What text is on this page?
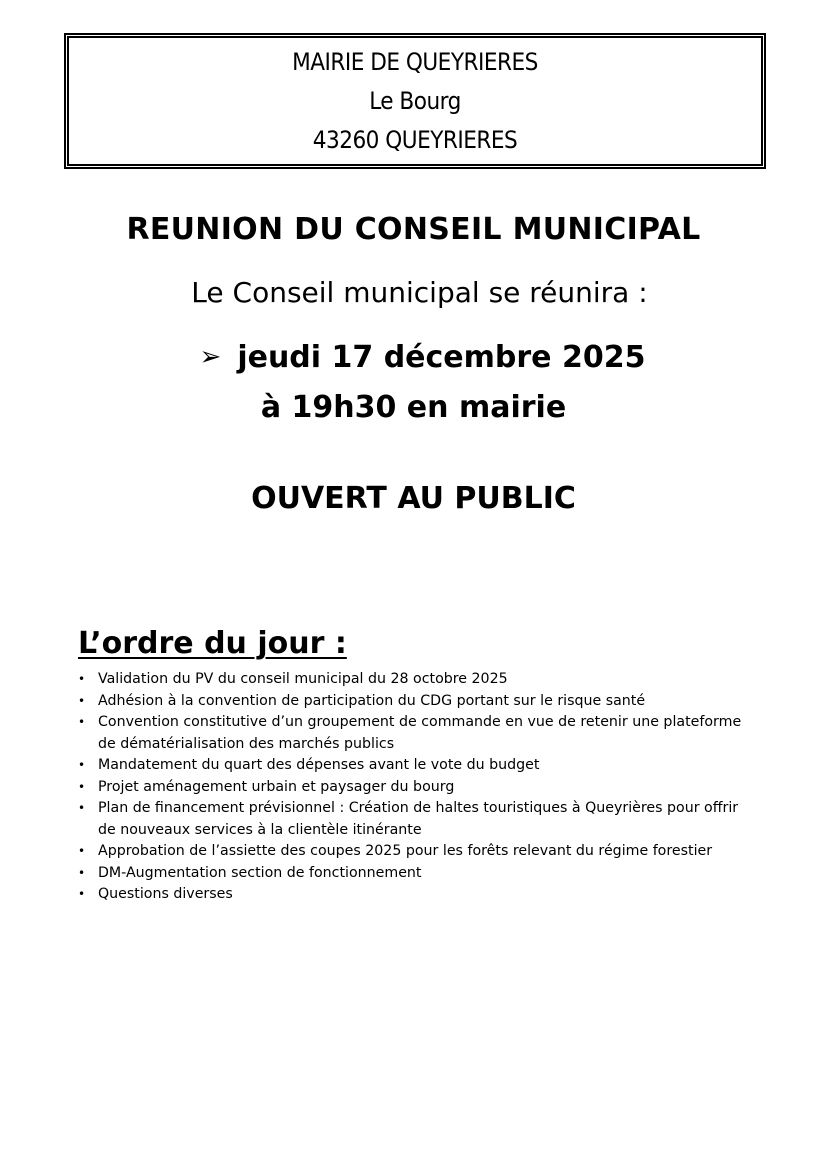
MAIRIE DE QUEYRIERES
Le Bourg
43260 QUEYRIERES
REUNION DU CONSEIL MUNICIPAL
Le Conseil municipal se réunira :
➢ jeudi 17 décembre 2025
à 19h30 en mairie
OUVERT AU PUBLIC
L’ordre du jour :
• Validation du PV du conseil municipal du 28 octobre 2025
• Adhésion à la convention de participation du CDG portant sur le risque santé
• Convention constitutive d’un groupement de commande en vue de retenir une plateforme de dématérialisation des marchés publics
• Mandatement du quart des dépenses avant le vote du budget
• Projet aménagement urbain et paysager du bourg
• Plan de financement prévisionnel : Création de haltes touristiques à Queyrières pour offrir de nouveaux services à la clientèle itinérante
• Approbation de l’assiette des coupes 2025 pour les forêts relevant du régime forestier
• DM-Augmentation section de fonctionnement
• Questions diverses
